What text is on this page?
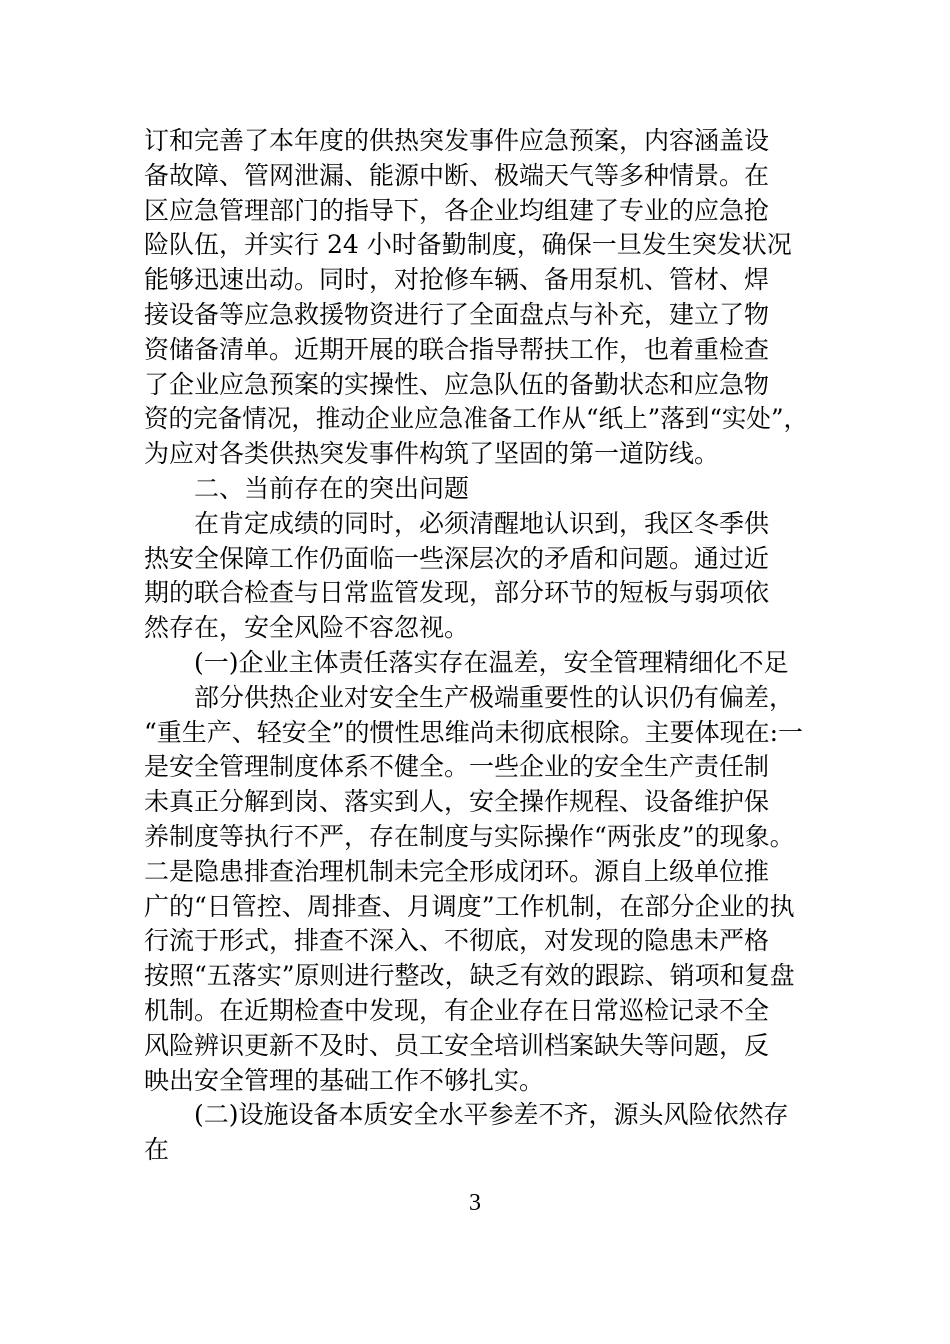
订和完善了本年度的供热突发事件应急预案，内容涵盖设
备故障、管网泄漏、能源中断、极端天气等多种情景。在
区应急管理部门的指导下，各企业均组建了专业的应急抢
险队伍，并实行 24 小时备勤制度，确保一旦发生突发状况
能够迅速出动。同时，对抢修车辆、备用泵机、管材、焊
接设备等应急救援物资进行了全面盘点与补充，建立了物
资储备清单。近期开展的联合指导帮扶工作，也着重检查
了企业应急预案的实操性、应急队伍的备勤状态和应急物
资的完备情况，推动企业应急准备工作从“纸上”落到“实处”，
为应对各类供热突发事件构筑了坚固的第一道防线。
　　二、当前存在的突出问题
　　在肯定成绩的同时，必须清醒地认识到，我区冬季供
热安全保障工作仍面临一些深层次的矛盾和问题。通过近
期的联合检查与日常监管发现，部分环节的短板与弱项依
然存在，安全风险不容忽视。
　　(一)企业主体责任落实存在温差，安全管理精细化不足
　　部分供热企业对安全生产极端重要性的认识仍有偏差，
“重生产、轻安全”的惯性思维尚未彻底根除。主要体现在:一
是安全管理制度体系不健全。一些企业的安全生产责任制
未真正分解到岗、落实到人，安全操作规程、设备维护保
养制度等执行不严，存在制度与实际操作“两张皮”的现象。
二是隐患排查治理机制未完全形成闭环。源自上级单位推
广的“日管控、周排查、月调度”工作机制，在部分企业的执
行流于形式，排查不深入、不彻底，对发现的隐患未严格
按照“五落实”原则进行整改，缺乏有效的跟踪、销项和复盘
机制。在近期检查中发现，有企业存在日常巡检记录不全
风险辨识更新不及时、员工安全培训档案缺失等问题，反
映出安全管理的基础工作不够扎实。
　　(二)设施设备本质安全水平参差不齐，源头风险依然存
在
3
